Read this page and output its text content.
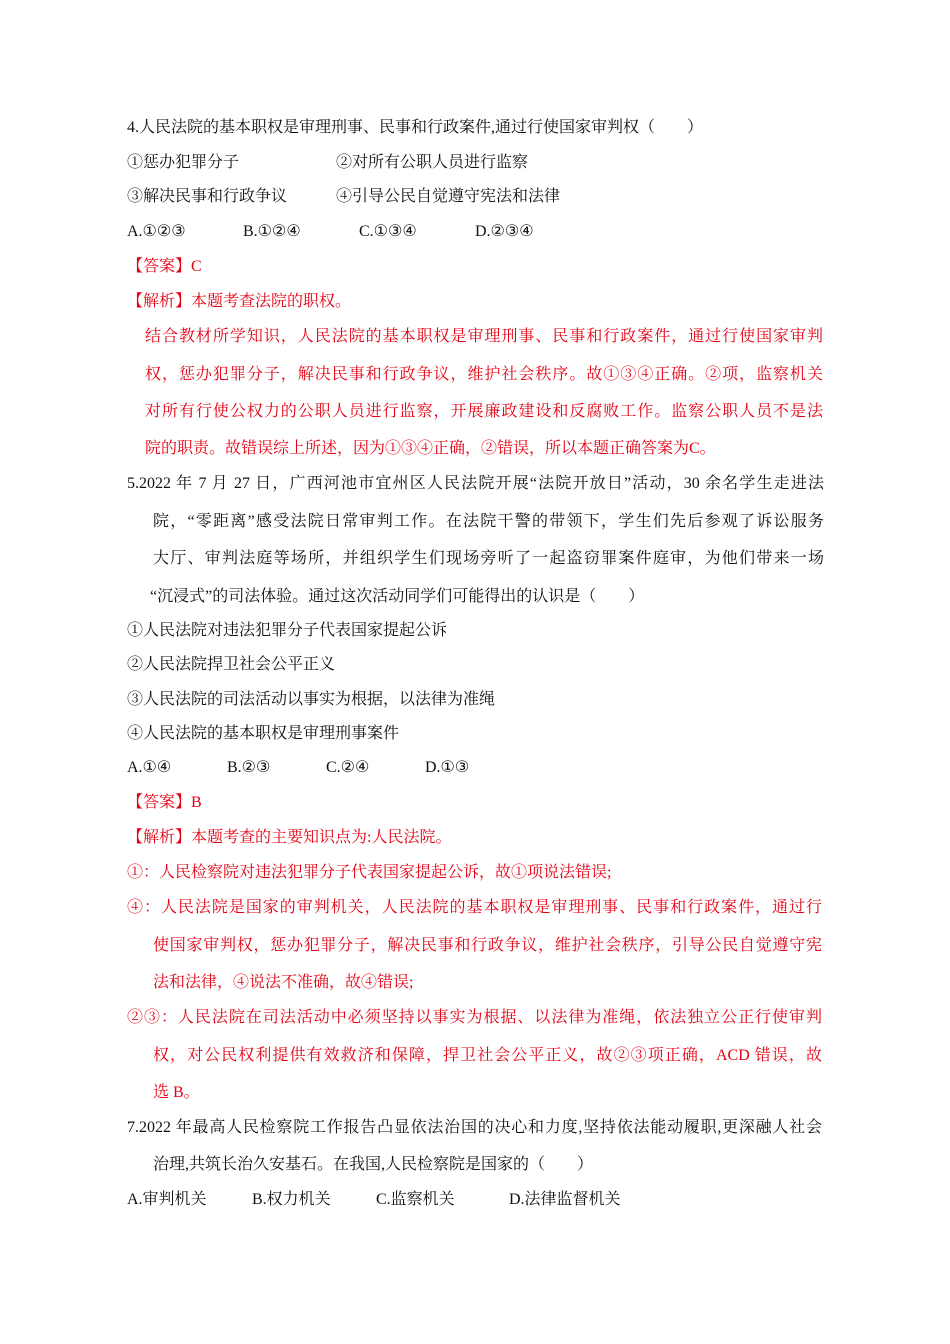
4.人民法院的基本职权是审理刑事、民事和行政案件,通过行使国家审判权（　　）
①惩办犯罪分子	②对所有公职人员进行监察
③解决民事和行政争议	④引导公民自觉遵守宪法和法律
A.①②③	B.①②④	C.①③④	D.②③④
【答案】C
【解析】本题考查法院的职权。
结合教材所学知识，人民法院的基本职权是审理刑事、民事和行政案件，通过行使国家审判
权，惩办犯罪分子，解决民事和行政争议，维护社会秩序。故①③④正确。②项，监察机关
对所有行使公权力的公职人员进行监察，开展廉政建设和反腐败工作。监察公职人员不是法
院的职责。故错误综上所述，因为①③④正确，②错误，所以本题正确答案为C。
5.2022 年 7 月 27 日，广西河池市宜州区人民法院开展“法院开放日”活动，30 余名学生走进法
院，“零距离”感受法院日常审判工作。在法院干警的带领下，学生们先后参观了诉讼服务
大厅、审判法庭等场所，并组织学生们现场旁听了一起盗窃罪案件庭审，为他们带来一场
“沉浸式”的司法体验。通过这次活动同学们可能得出的认识是（　　）
①人民法院对违法犯罪分子代表国家提起公诉
②人民法院捍卫社会公平正义
③人民法院的司法活动以事实为根据，以法律为准绳
④人民法院的基本职权是审理刑事案件
A.①④	B.②③	C.②④	D.①③
【答案】B
【解析】本题考查的主要知识点为:人民法院。
①：人民检察院对违法犯罪分子代表国家提起公诉，故①项说法错误;
④：人民法院是国家的审判机关，人民法院的基本职权是审理刑事、民事和行政案件，通过行
使国家审判权，惩办犯罪分子，解决民事和行政争议，维护社会秩序，引导公民自觉遵守宪
法和法律，④说法不准确，故④错误;
②③：人民法院在司法活动中必须坚持以事实为根据、以法律为准绳，依法独立公正行使审判
权，对公民权利提供有效救济和保障，捍卫社会公平正义，故②③项正确，ACD 错误，故
选 B。
7.2022 年最高人民检察院工作报告凸显依法治国的决心和力度,坚持依法能动履职,更深融人社会
治理,共筑长治久安基石。在我国,人民检察院是国家的（　　）
A.审判机关	B.权力机关	C.监察机关	D.法律监督机关
